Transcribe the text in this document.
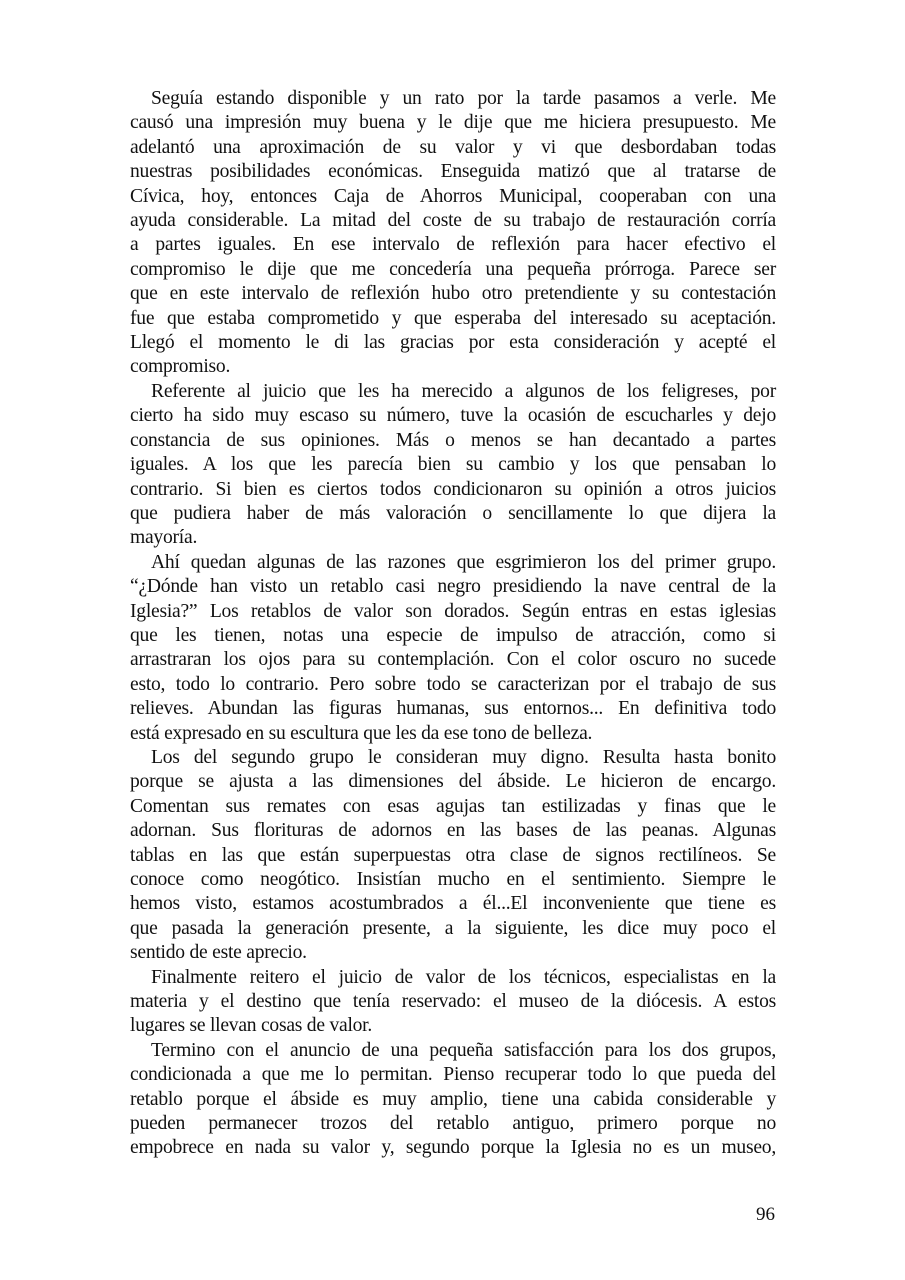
Seguía estando disponible y un rato por la tarde pasamos a verle. Me
causó una impresión muy buena y le dije que me hiciera presupuesto. Me
adelantó una aproximación de su valor y vi que desbordaban todas
nuestras posibilidades económicas. Enseguida matizó que al tratarse de
Cívica, hoy, entonces Caja de Ahorros Municipal, cooperaban con una
ayuda considerable. La mitad del coste de su trabajo de restauración corría
a partes iguales. En ese intervalo de reflexión para hacer efectivo el
compromiso le dije que me concedería una pequeña prórroga. Parece ser
que en este intervalo de reflexión hubo otro pretendiente y su contestación
fue que estaba comprometido y que esperaba del interesado su aceptación.
Llegó el momento le di las gracias por esta consideración y acepté el
compromiso.
Referente al juicio que les ha merecido a algunos de los feligreses, por
cierto ha sido muy escaso su número, tuve la ocasión de escucharles y dejo
constancia de sus opiniones. Más o menos se han decantado a partes
iguales. A los que les parecía bien su cambio y los que pensaban lo
contrario. Si bien es ciertos todos condicionaron su opinión a otros juicios
que pudiera haber de más valoración o sencillamente lo que dijera la
mayoría.
Ahí quedan algunas de las razones que esgrimieron los del primer grupo.
“¿Dónde han visto un retablo casi negro presidiendo la nave central de la
Iglesia?” Los retablos de valor son dorados. Según entras en estas iglesias
que les tienen, notas una especie de impulso de atracción, como si
arrastraran los ojos para su contemplación. Con el color oscuro no sucede
esto, todo lo contrario. Pero sobre todo se caracterizan por el trabajo de sus
relieves. Abundan las figuras humanas, sus entornos... En definitiva todo
está expresado en su escultura que les da ese tono de belleza.
Los del segundo grupo le consideran muy digno. Resulta hasta bonito
porque se ajusta a las dimensiones del ábside. Le hicieron de encargo.
Comentan sus remates con esas agujas tan estilizadas y finas que le
adornan. Sus florituras de adornos en las bases de las peanas. Algunas
tablas en las que están superpuestas otra clase de signos rectilíneos. Se
conoce como neogótico. Insistían mucho en el sentimiento. Siempre le
hemos visto, estamos acostumbrados a él...El inconveniente que tiene es
que pasada la generación presente, a la siguiente, les dice muy poco el
sentido de este aprecio.
Finalmente reitero el juicio de valor de los técnicos, especialistas en la
materia y el destino que tenía reservado: el museo de la diócesis. A estos
lugares se llevan cosas de valor.
Termino con el anuncio de una pequeña satisfacción para los dos grupos,
condicionada a que me lo permitan. Pienso recuperar todo lo que pueda del
retablo porque el ábside es muy amplio, tiene una cabida considerable y
pueden permanecer trozos del retablo antiguo, primero porque no
empobrece en nada su valor y, segundo porque la Iglesia no es un museo,
96
